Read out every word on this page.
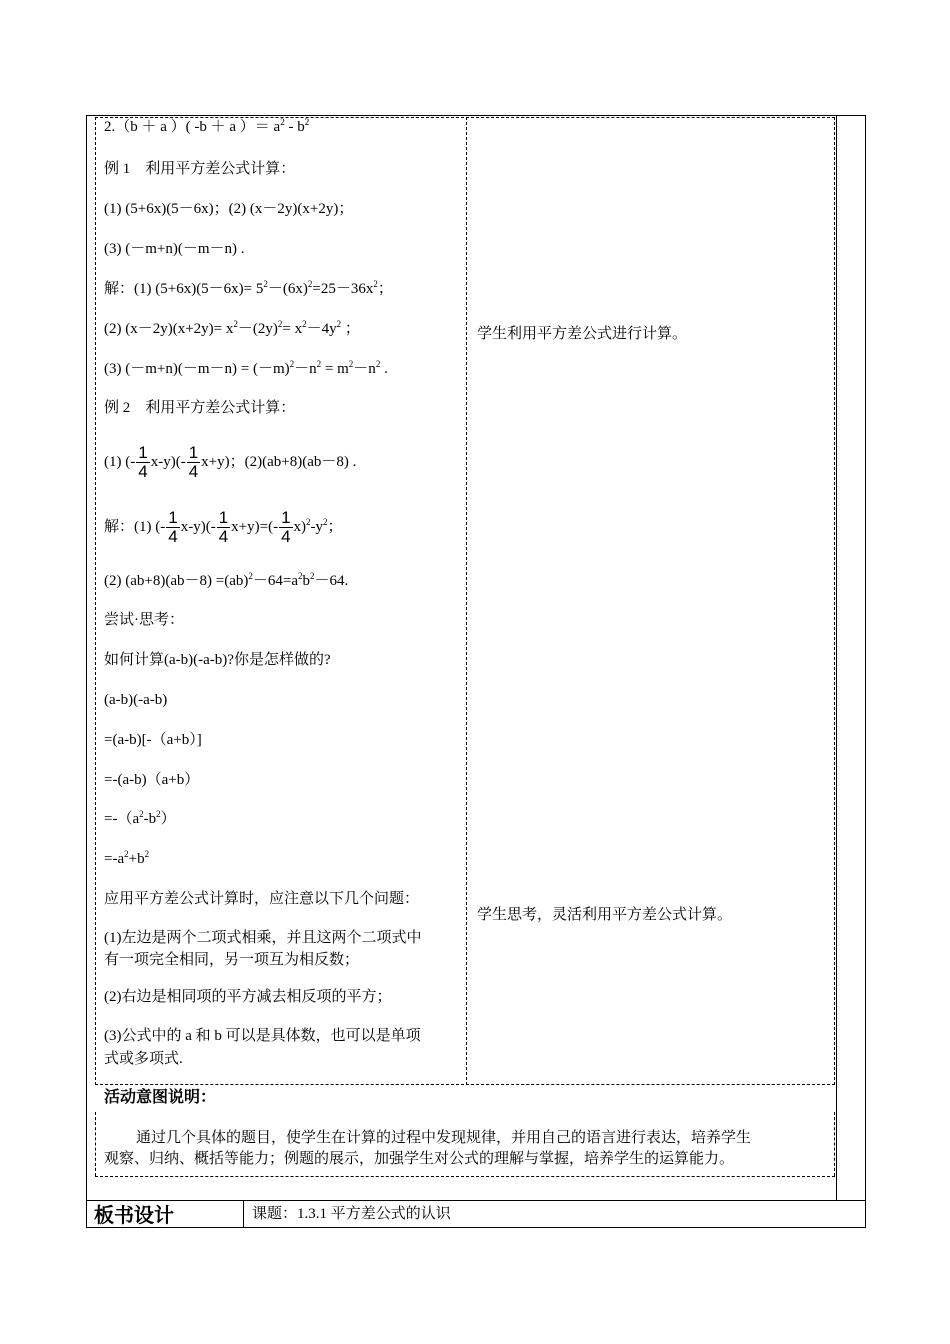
2.（b ＋ a ）( -b ＋ a ）＝ $a^2 - b^2$
例 1　利用平方差公式计算：
(1) (5+6x)(5－6x)；(2) (x－2y)(x+2y)；
(3) (－m+n)(－m－n) .
解：(1) $(5+6x)(5-6x)= 5^2-(6x)^2=25-36x^2$；
(2) $(x-2y)(x+2y)= x^2-(2y)^2= x^2-4y^2$ ；
(3) $(-m+n)(-m-n) = (-m)^2-n^2 = m^2-n^2$ .
例 2　利用平方差公式计算：
(1) (- $\frac{1}{4} x-y)(- \frac{1}{4} x+y)$；(2)(ab+8)(ab－8) .
解：(1) (- $\frac{1}{4} x-y)(- \frac{1}{4} x+y)=(- \frac{1}{4} x)^2-y^2$；
(2) $(ab+8)(ab-8) =(ab)^2-64=a^2b^2-64$.
尝试·思考：
如何计算(a-b)(-a-b)?你是怎样做的?
(a-b)(-a-b)
=(a-b)[-（a+b）]
=-(a-b)（a+b）
$=-(a^2-b^2)$
$=-a^2+b^2$
应用平方差公式计算时，应注意以下几个问题：
(1)左边是两个二项式相乘，并且这两个二项式中
有一项完全相同，另一项互为相反数；
(2)右边是相同项的平方减去相反项的平方；
(3)公式中的 a 和 b 可以是具体数，也可以是单项
式或多项式.
学生利用平方差公式进行计算。
学生思考，灵活利用平方差公式计算。
活动意图说明：
通过几个具体的题目，使学生在计算的过程中发现规律，并用自己的语言进行表达，培养学生
观察、归纳、概括等能力；例题的展示，加强学生对公式的理解与掌握，培养学生的运算能力。
板书设计	课题：1.3.1 平方差公式的认识
